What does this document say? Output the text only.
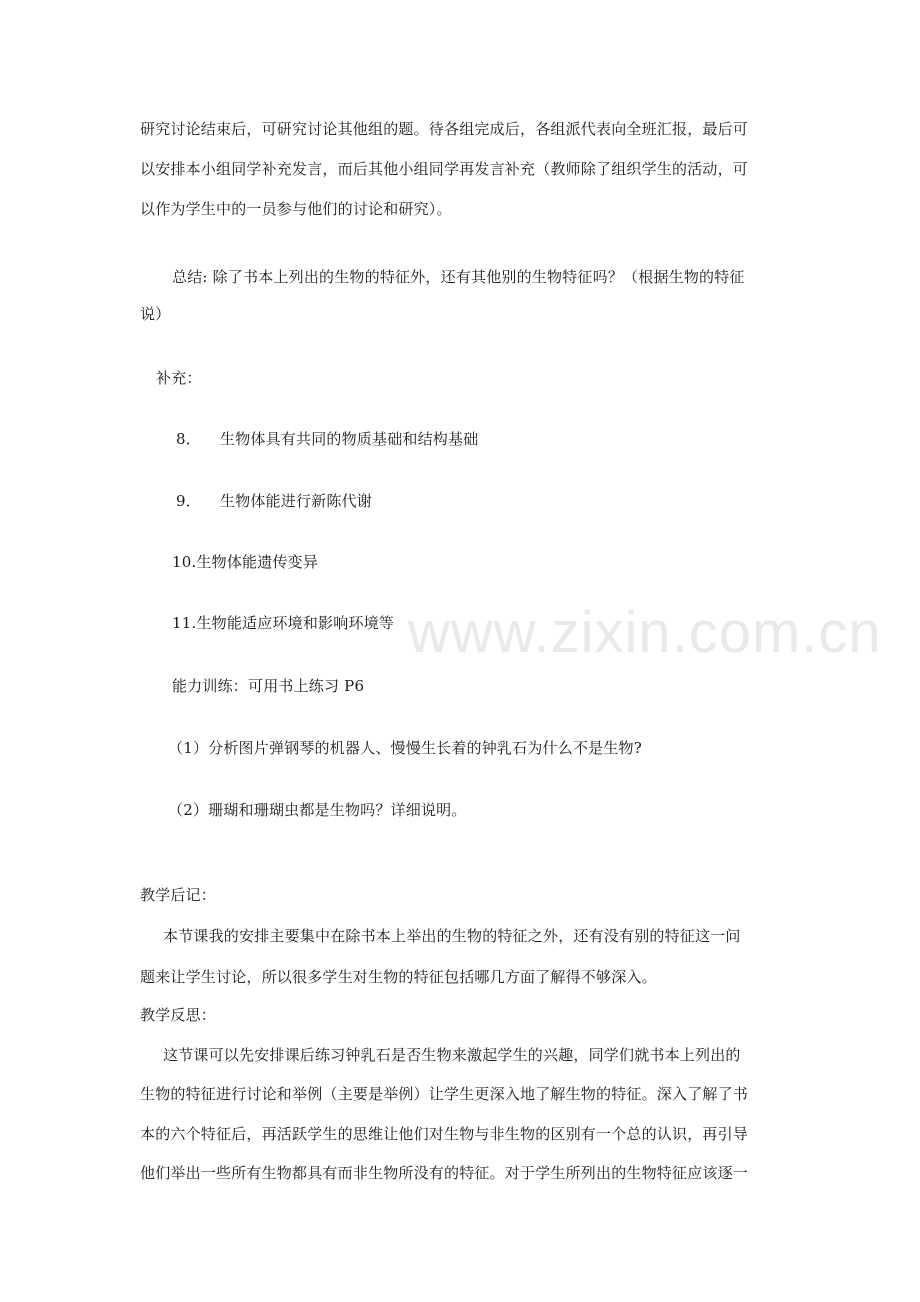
www.zixin.com.cn
研究讨论结束后，可研究讨论其他组的题。待各组完成后，各组派代表向全班汇报，最后可
以安排本小组同学补充发言，而后其他小组同学再发言补充（教师除了组织学生的活动，可
以作为学生中的一员参与他们的讨论和研究）。
总结: 除了书本上列出的生物的特征外，还有其他别的生物特征吗？（根据生物的特征
说）
补充：
8． 生物体具有共同的物质基础和结构基础
9． 生物体能进行新陈代谢
10.生物体能遗传变异
11.生物能适应环境和影响环境等
能力训练：可用书上练习 P6
（1）分析图片弹钢琴的机器人、慢慢生长着的钟乳石为什么不是生物?
（2）珊瑚和珊瑚虫都是生物吗？详细说明。
教学后记：
本节课我的安排主要集中在除书本上举出的生物的特征之外，还有没有别的特征这一问
题来让学生讨论，所以很多学生对生物的特征包括哪几方面了解得不够深入。
教学反思：
这节课可以先安排课后练习钟乳石是否生物来激起学生的兴趣，同学们就书本上列出的
生物的特征进行讨论和举例（主要是举例）让学生更深入地了解生物的特征。深入了解了书
本的六个特征后，再活跃学生的思维让他们对生物与非生物的区别有一个总的认识，再引导
他们举出一些所有生物都具有而非生物所没有的特征。对于学生所列出的生物特征应该逐一
